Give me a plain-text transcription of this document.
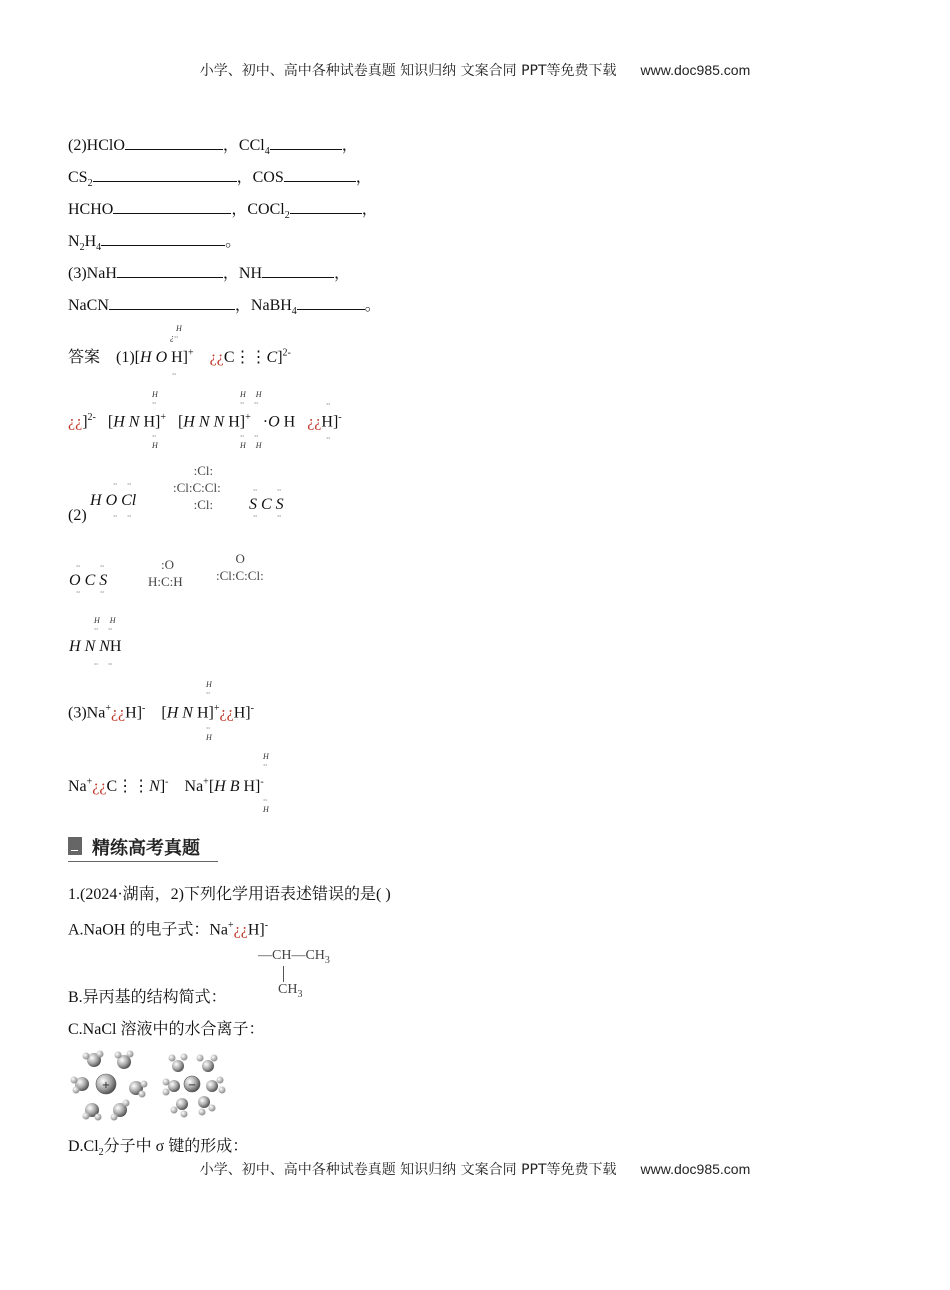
小学、初中、高中各种试卷真题 知识归纳 文案合同 PPT等免费下载 www.doc985.com
(2)HClO	，CCl$_4$	，
$CS_2$	，COS	，
HCHO	，COCl$_2$	，
$N_2H_4$	。
(3)NaH	，NH	，
NaCN	，NaBH$_4$	。
答案 (1)[H O H]+ ¿¿C⋮⋮C]$^{2-}$
H
¿··
··
¿¿]$^{2-}$   [H N H]+   [H N N H]+   ·O H   ¿¿H]-
H
··
··
H
H     H
··     ··
··     ··
H     H
··
··
(2)
H O Cl
··     ··
··     ··
:Cl:
:Cl:C:Cl:
:Cl:	S C S
··          ··
··          ··
O C S
··          ··
··          ··
:O
H:C:H
O
:Cl:C:Cl:
H N NH
H     H
··     ··
··     ··
(3)Na+¿¿H]-    [H N H]+¿¿H]-
H
··
··
H
Na+¿¿C⋮⋮N]- Na+[H B H]-
H
··
··
H
精练高考真题
1.(2024·湖南，2)下列化学用语表述错误的是( )
A.NaOH 的电子式：Na+¿¿H]-
$—CH—CH_3$
$CH_3$
B.异丙基的结构简式：
C.NaCl 溶液中的水合离子：
+	−
$D.Cl_2$分子中 σ 键的形成：
小学、初中、高中各种试卷真题 知识归纳 文案合同 PPT等免费下载 www.doc985.com
